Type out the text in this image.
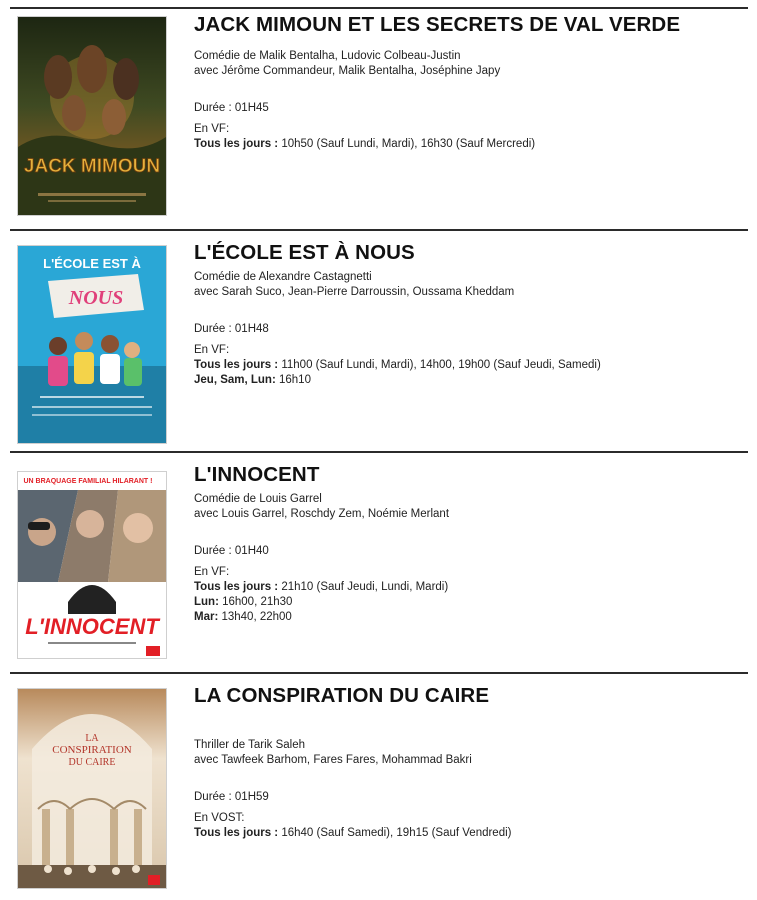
JACK MIMOUN
JACK MIMOUN ET LES SECRETS DE VAL VERDE
Comédie de Malik Bentalha, Ludovic Colbeau-Justin
avec Jérôme Commandeur, Malik Bentalha, Joséphine Japy
Durée : 01H45
En VF:
Tous les jours : 10h50 (Sauf Lundi, Mardi), 16h30 (Sauf Mercredi)
L'ÉCOLE EST À
NOUS
L'ÉCOLE EST À NOUS
Comédie de Alexandre Castagnetti
avec Sarah Suco, Jean-Pierre Darroussin, Oussama Kheddam
Durée : 01H48
En VF:
Tous les jours : 11h00 (Sauf Lundi, Mardi), 14h00, 19h00 (Sauf Jeudi, Samedi)
Jeu, Sam, Lun: 16h10
UN BRAQUAGE FAMILIAL HILARANT !
L'INNOCENT
L'INNOCENT
Comédie de Louis Garrel
avec Louis Garrel, Roschdy Zem, Noémie Merlant
Durée : 01H40
En VF:
Tous les jours : 21h10 (Sauf Jeudi, Lundi, Mardi)
Lun: 16h00, 21h30
Mar: 13h40, 22h00
LA
CONSPIRATION
DU CAIRE
LA CONSPIRATION DU CAIRE
Thriller de Tarik Saleh
avec Tawfeek Barhom, Fares Fares, Mohammad Bakri
Durée : 01H59
En VOST:
Tous les jours : 16h40 (Sauf Samedi), 19h15 (Sauf Vendredi)
